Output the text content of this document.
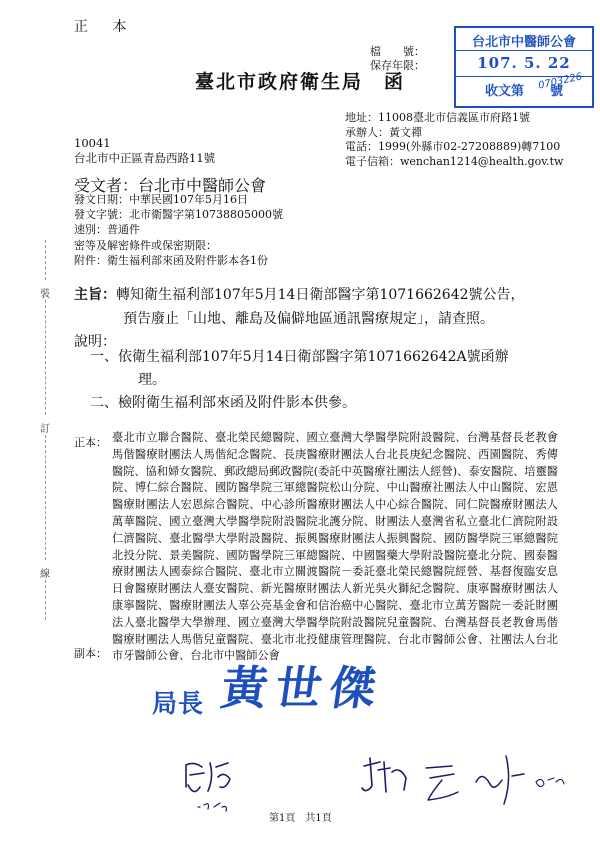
正 本
檔　　號：
保存年限：
台北市中醫師公會
107. 5. 22
收文第　　號
0703226
臺北市政府衛生局　函
地址：11008臺北市信義區市府路1號
承辦人：黃文禪
電話：1999(外縣市02-27208889)轉7100
電子信箱：wenchan1214@health.gov.tw
10041
台北市中正區青島西路11號
受文者：台北市中醫師公會
發文日期：中華民國107年5月16日
發文字號：北市衛醫字第10738805000號
速別：普通件
密等及解密條件或保密期限：
附件：衛生福利部來函及附件影本各1份
主旨：轉知衛生福利部107年5月14日衛部醫字第1071662642號公告，
預告廢止「山地、離島及偏僻地區通訊醫療規定」，請查照。
說明：
一、依衛生福利部107年5月14日衛部醫字第1071662642A號函辦
理。
二、檢附衛生福利部來函及附件影本供參。
正本： 臺北市立聯合醫院、臺北榮民總醫院、國立臺灣大學醫學院附設醫院、台灣基督長老教會馬偕醫療財團法人馬偕紀念醫院、長庚醫療財團法人台北長庚紀念醫院、西園醫院、秀傳醫院、協和婦女醫院、郵政總局郵政醫院(委託中英醫療社團法人經營)、泰安醫院、培靈醫院、博仁綜合醫院、國防醫學院三軍總醫院松山分院、中山醫療社團法人中山醫院、宏恩醫療財團法人宏恩綜合醫院、中心診所醫療財團法人中心綜合醫院、同仁院醫療財團法人萬華醫院、國立臺灣大學醫學院附設醫院北護分院、財團法人臺灣省私立臺北仁濟院附設仁濟醫院、臺北醫學大學附設醫院、振興醫療財團法人振興醫院、國防醫學院三軍總醫院北投分院、景美醫院、國防醫學院三軍總醫院、中國醫藥大學附設醫院臺北分院、國泰醫療財團法人國泰綜合醫院、臺北市立關渡醫院－委託臺北榮民總醫院經營、基督復臨安息日會醫療財團法人臺安醫院、新光醫療財團法人新光吳火獅紀念醫院、康寧醫療財團法人康寧醫院、醫療財團法人辜公亮基金會和信治癌中心醫院、臺北市立萬芳醫院－委託財團法人臺北醫學大學辦理、國立臺灣大學醫學院附設醫院兒童醫院、台灣基督長老教會馬偕醫療財團法人馬偕兒童醫院、臺北市北投健康管理醫院、台北市醫師公會、社團法人台北市牙醫師公會、台北市中醫師公會
副本：
裝
訂
線
局長 黃世傑
第1頁　共1頁
